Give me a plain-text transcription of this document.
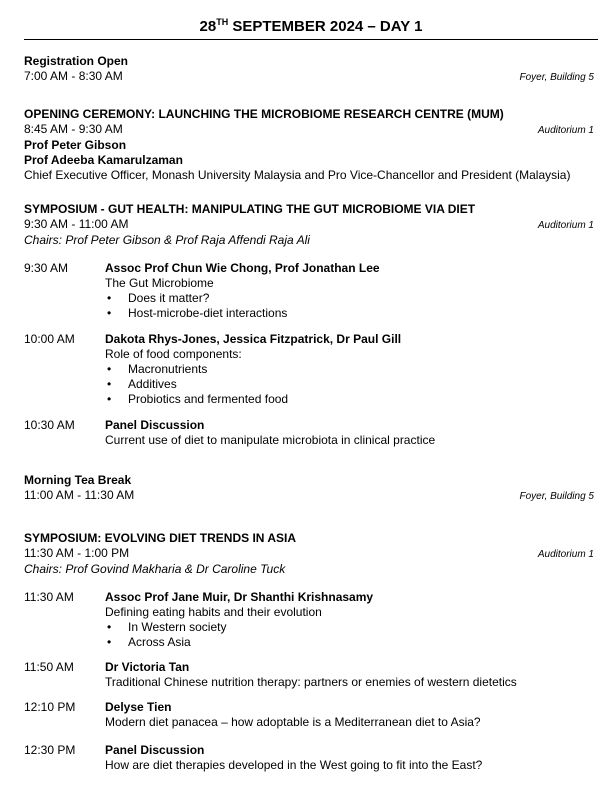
28TH SEPTEMBER 2024 – DAY 1
Registration Open
7:00 AM - 8:30 AM	Foyer, Building 5
OPENING CEREMONY: LAUNCHING THE MICROBIOME RESEARCH CENTRE (MUM)
8:45 AM - 9:30 AM	Auditorium 1
Prof Peter Gibson
Prof Adeeba Kamarulzaman
Chief Executive Officer, Monash University Malaysia and Pro Vice-Chancellor and President (Malaysia)
SYMPOSIUM - GUT HEALTH: MANIPULATING THE GUT MICROBIOME VIA DIET
9:30 AM - 11:00 AM	Auditorium 1
Chairs: Prof Peter Gibson & Prof Raja Affendi Raja Ali
9:30 AM	Assoc Prof Chun Wie Chong, Prof Jonathan Lee
The Gut Microbiome
• Does it matter?
• Host-microbe-diet interactions
10:00 AM	Dakota Rhys-Jones, Jessica Fitzpatrick, Dr Paul Gill
Role of food components:
• Macronutrients
• Additives
• Probiotics and fermented food
10:30 AM	Panel Discussion
Current use of diet to manipulate microbiota in clinical practice
Morning Tea Break
11:00 AM - 11:30 AM	Foyer, Building 5
SYMPOSIUM: EVOLVING DIET TRENDS IN ASIA
11:30 AM - 1:00 PM	Auditorium 1
Chairs: Prof Govind Makharia & Dr Caroline Tuck
11:30 AM	Assoc Prof Jane Muir, Dr Shanthi Krishnasamy
Defining eating habits and their evolution
• In Western society
• Across Asia
11:50 AM	Dr Victoria Tan
Traditional Chinese nutrition therapy: partners or enemies of western dietetics
12:10 PM	Delyse Tien
Modern diet panacea – how adoptable is a Mediterranean diet to Asia?
12:30 PM	Panel Discussion
How are diet therapies developed in the West going to fit into the East?
